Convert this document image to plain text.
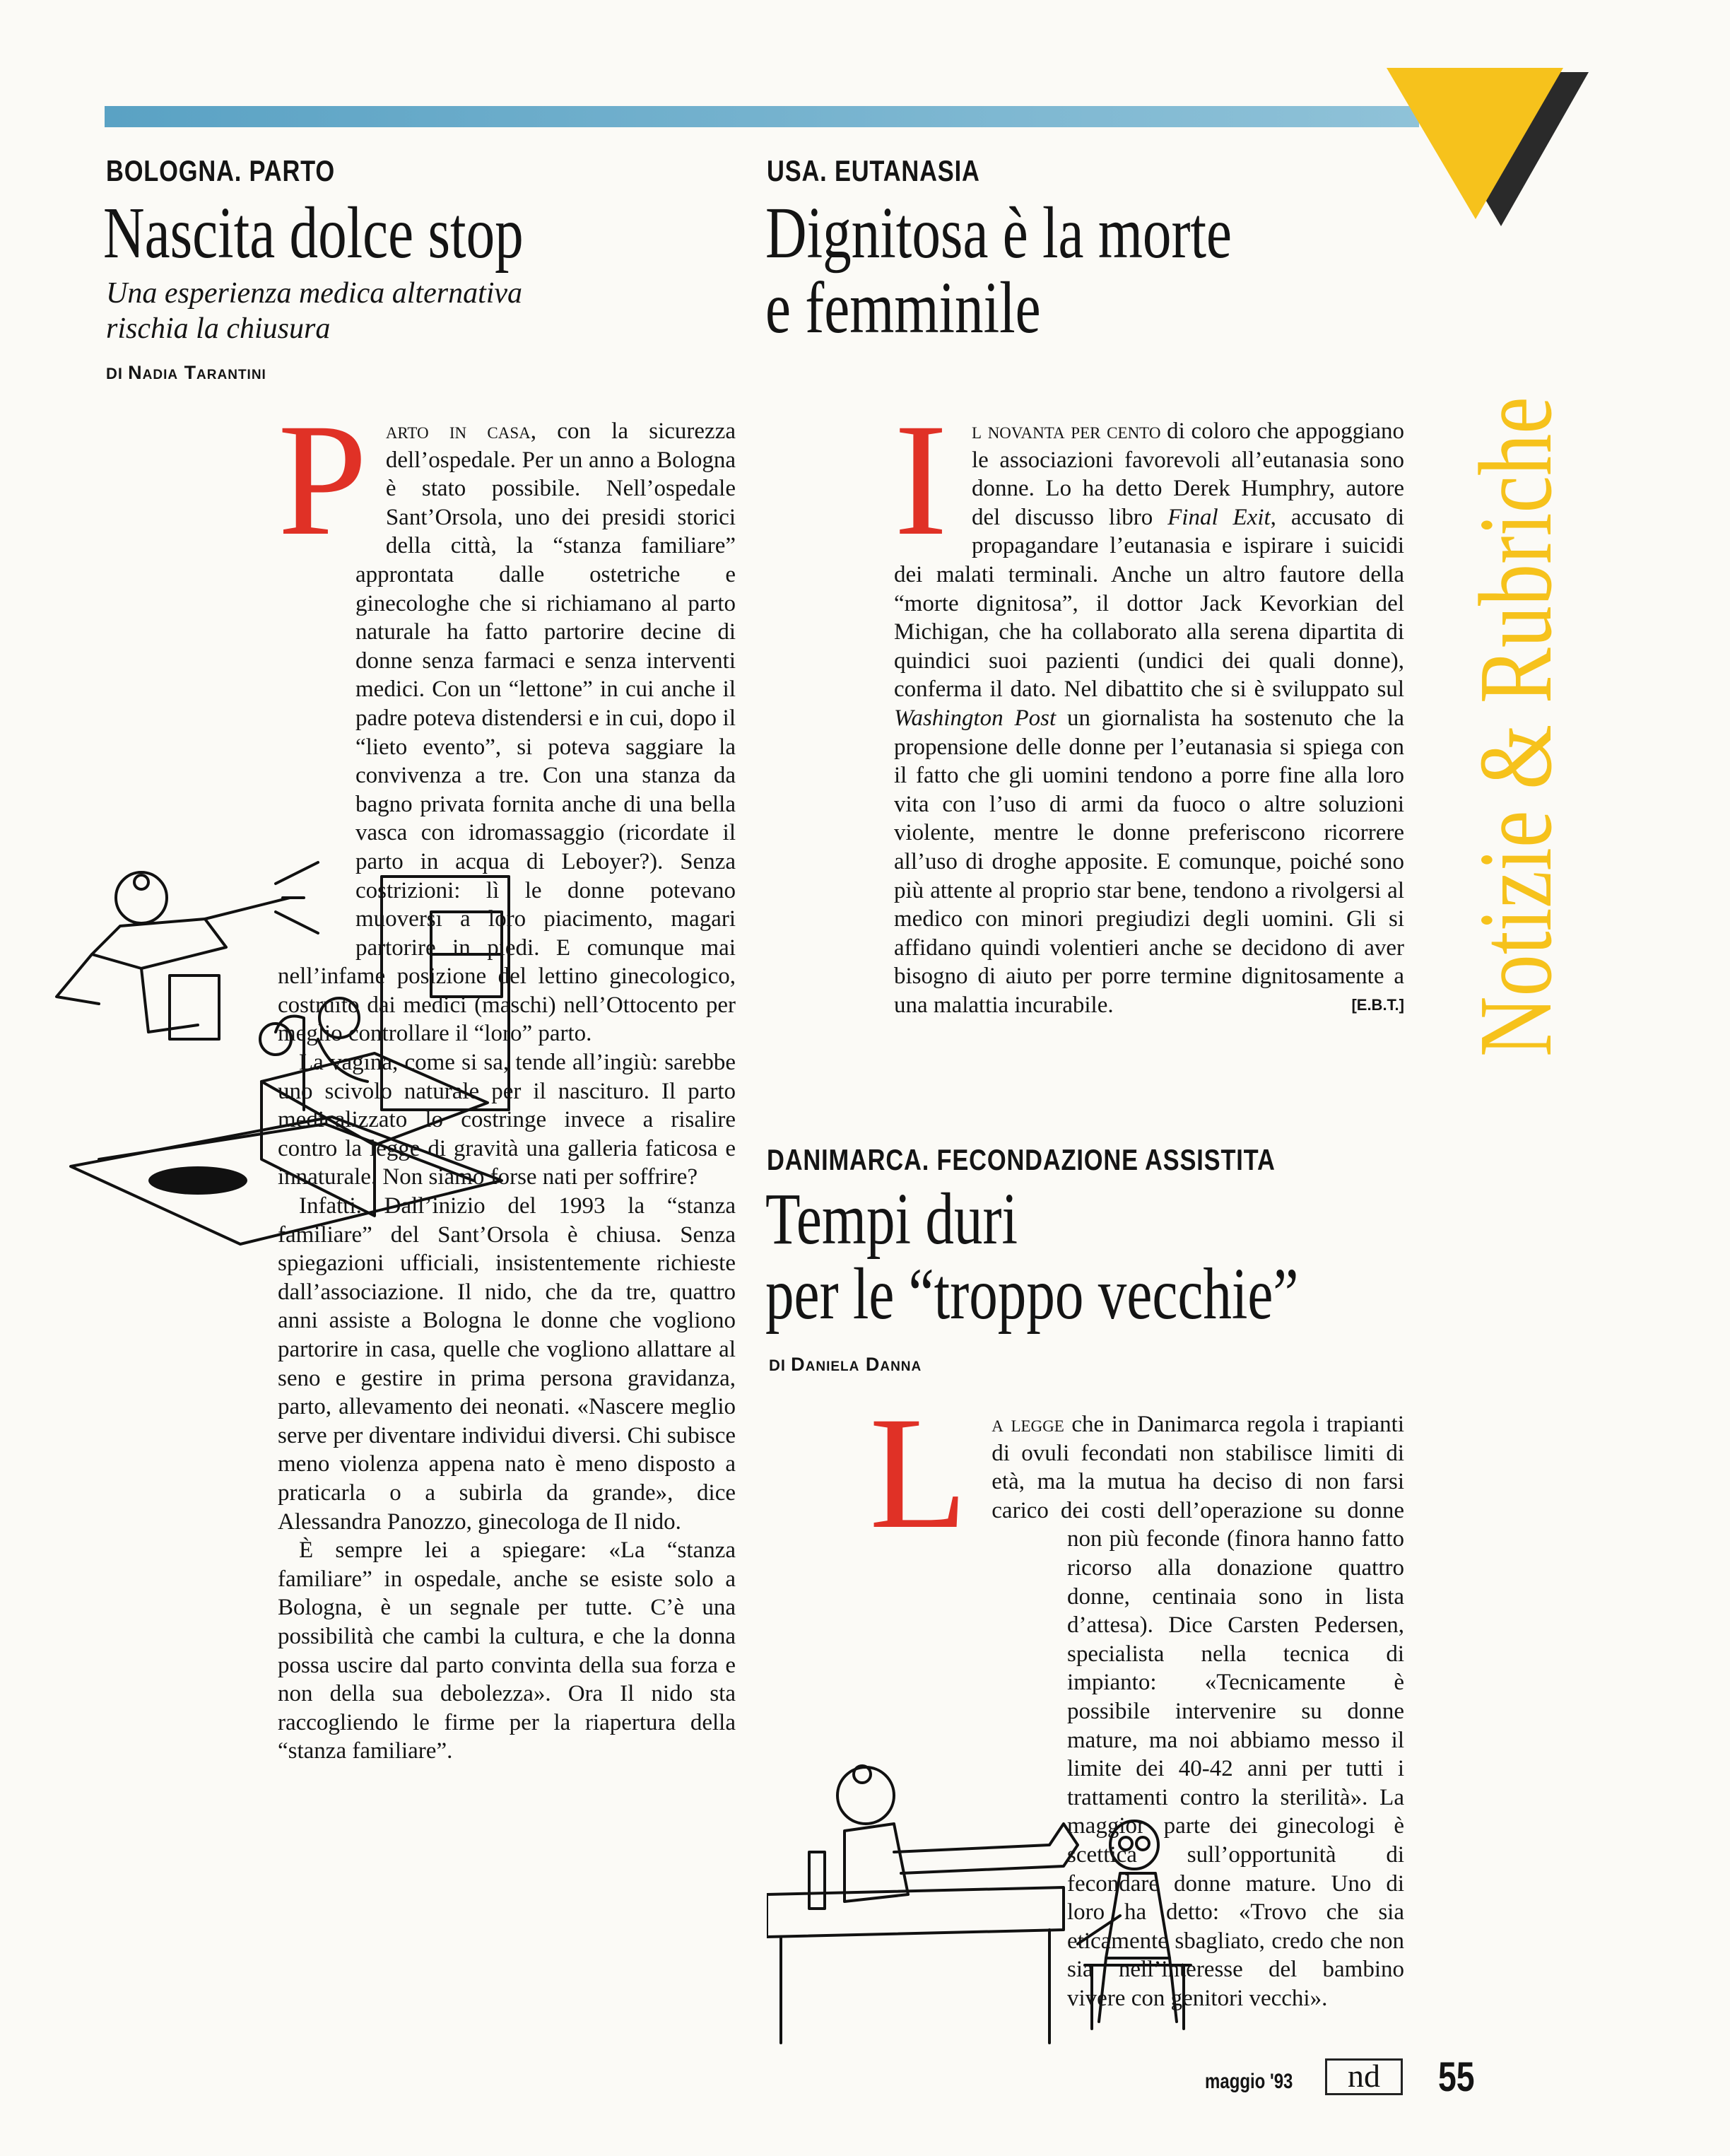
Notizie & Rubriche
BOLOGNA. PARTO
Nascita dolce stop
Una esperienza medica alternativa
rischia la chiusura
DI Nadia Tarantini
P arto in casa, con la sicurezza dell’ospedale. Per un anno a Bologna è stato possibile. Nell’ospedale Sant’Orsola, uno dei presidi storici della città, la “stanza familiare” approntata dalle ostetriche e ginecologhe che si richiamano al parto naturale ha fatto partorire decine di donne senza farmaci e senza interventi medici. Con un “lettone” in cui anche il padre poteva distendersi e in cui, dopo il “lieto evento”, si poteva saggiare la convivenza a tre. Con una stanza da bagno privata fornita anche di una bella vasca con idromassaggio (ricordate il parto in acqua di Leboyer?). Senza costrizioni: lì le donne potevano muoversi a loro piacimento, magari partorire in piedi. E comunque mai nell’infame posizione del lettino ginecologico, costruito dai medici (maschi) nell’Ottocento per meglio controllare il “loro” parto.

La vagina, come si sa, tende all’ingiù: sarebbe uno scivolo naturale per il nascituro. Il parto medicalizzato lo costringe invece a risalire contro la legge di gravità una galleria faticosa e innaturale. Non siamo forse nati per soffrire?

Infatti. Dall’inizio del 1993 la “stanza familiare” del Sant’Orsola è chiusa. Senza spiegazioni ufficiali, insistentemente richieste dall’associazione. Il nido, che da tre, quattro anni assiste a Bologna le donne che vogliono partorire in casa, quelle che vogliono allattare al seno e gestire in prima persona gravidanza, parto, allevamento dei neonati. «Nascere meglio serve per diventare individui diversi. Chi subisce meno violenza appena nato è meno disposto a praticarla o a subirla da grande», dice Alessandra Panozzo, ginecologa de Il nido.

È sempre lei a spiegare: «La “stanza familiare” in ospedale, anche se esiste solo a Bologna, è un segnale per tutte. C’è una possibilità che cambi la cultura, e che la donna possa uscire dal parto convinta della sua forza e non della sua debolezza». Ora Il nido sta raccogliendo le firme per la riapertura della “stanza familiare”.

USA. EUTANASIA
Dignitosa è la morte
e femminile
I	l novanta per cento di coloro che appoggiano le associazioni favorevoli all’eutanasia sono donne. Lo ha detto Derek Humphry, autore del discusso libro Final Exit, accusato di propagandare l’eutanasia e ispirare i suicidi dei malati terminali. Anche un altro fautore della “morte dignitosa”, il dottor Jack Kevorkian del Michigan, che ha collaborato alla serena dipartita di quindici suoi pazienti (undici dei quali donne), conferma il dato. Nel dibattito che si è sviluppato sul Washington Post un giornalista ha sostenuto che la propensione delle donne per l’eutanasia si spiega con il fatto che gli uomini tendono a porre fine alla loro vita con l’uso di armi da fuoco o altre soluzioni violente, mentre le donne preferiscono ricorrere all’uso di droghe apposite. E comunque, poiché sono più attente al proprio star bene, tendono a rivolgersi al medico con minori pregiudizi degli uomini. Gli si affidano quindi volentieri anche se decidono di aver bisogno di aiuto per porre termine dignitosamente a una malattia incurabile.	[E.B.T.]

DANIMARCA. FECONDAZIONE ASSISTITA
Tempi duri
per le “troppo vecchie”
DI Daniela Danna
L	a legge che in Danimarca regola i trapianti di ovuli fecondati non stabilisce limiti di età, ma la mutua ha deciso di non farsi carico dei costi dell’operazione su donne non più feconde (finora hanno fatto ricorso alla donazione quattro donne, centinaia sono in lista d’attesa). Dice Carsten Pedersen, specialista nella tecnica di impianto: «Tecnicamente è possibile intervenire su donne mature, ma noi abbiamo messo il limite dei 40-42 anni per tutti i trattamenti contro la sterilità». La maggior parte dei ginecologi è scettica sull’opportunità di fecondare donne mature. Uno di loro ha detto: «Trovo che sia eticamente sbagliato, credo che non sia nell’interesse del bambino vivere con genitori vecchi».

maggio '93	nd	55
